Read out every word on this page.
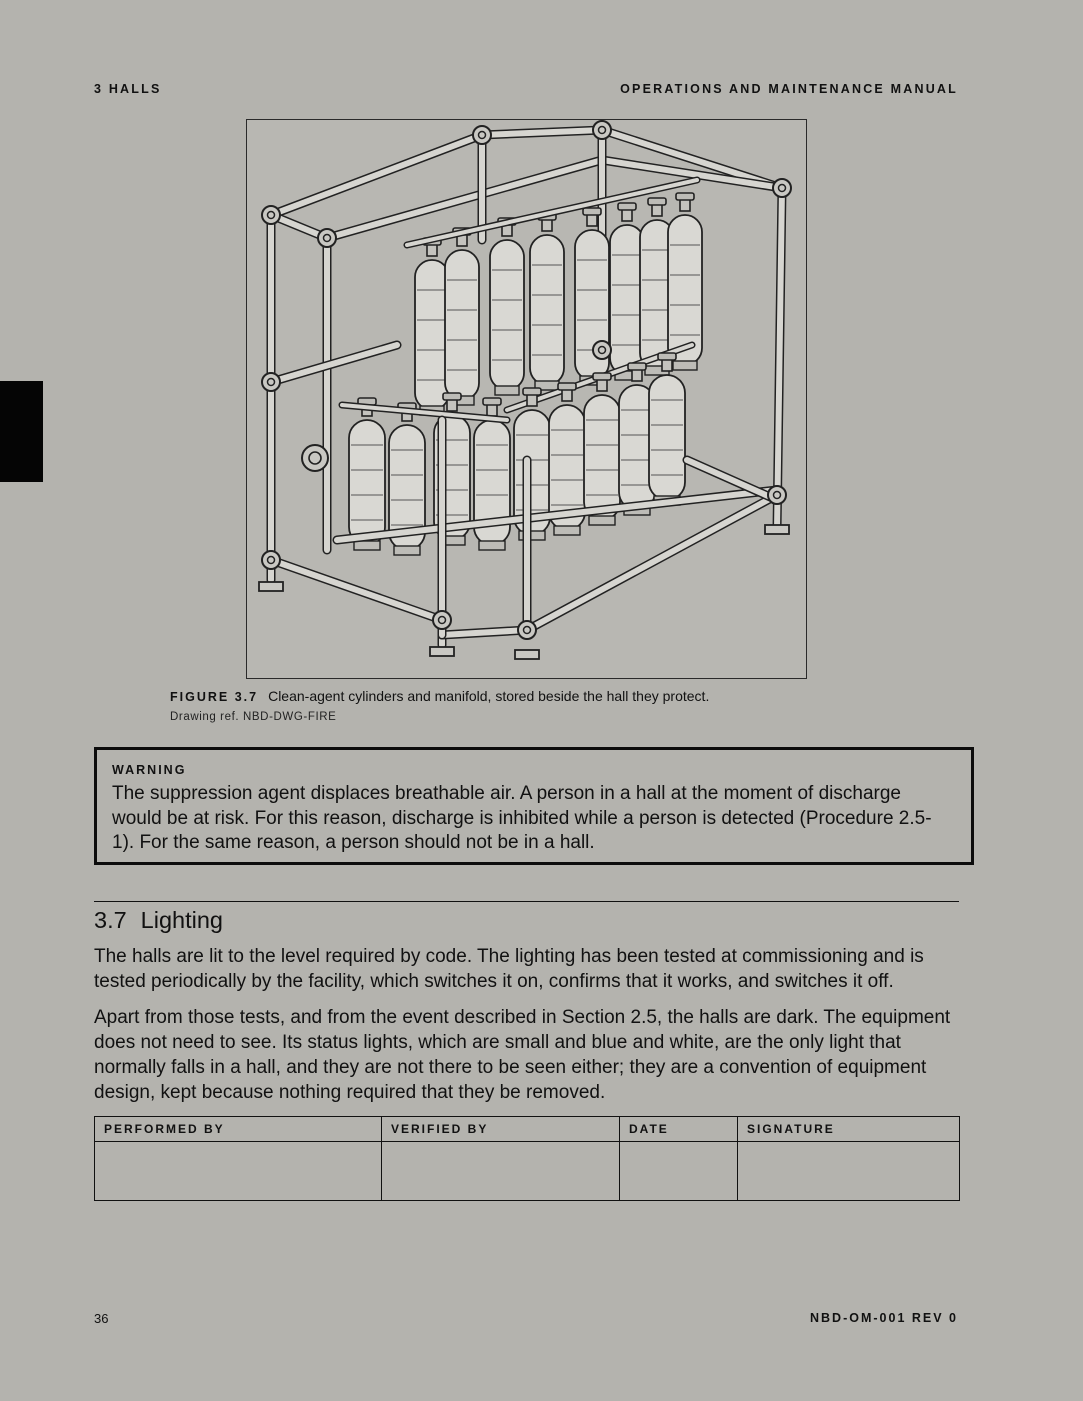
3 HALLS	OPERATIONS AND MAINTENANCE MANUAL
FIGURE 3.7 Clean-agent cylinders and manifold, stored beside the hall they protect.
Drawing ref. NBD-DWG-FIRE
WARNING
The suppression agent displaces breathable air. A person in a hall at the moment of discharge would be at risk. For this reason, discharge is inhibited while a person is detected (Procedure 2.5-1). For the same reason, a person should not be in a hall.
3.7 Lighting

The halls are lit to the level required by code. The lighting has been tested at commissioning and is tested periodically by the facility, which switches it on, confirms that it works, and switches it off.

Apart from those tests, and from the event described in Section 2.5, the halls are dark. The equipment does not need to see. Its status lights, which are small and blue and white, are the only light that normally falls in a hall, and they are not there to be seen either; they are a convention of equipment design, kept because nothing required that they be removed.

PERFORMED BY	VERIFIED BY	DATE	SIGNATURE

36	NBD-OM-001 REV 0
